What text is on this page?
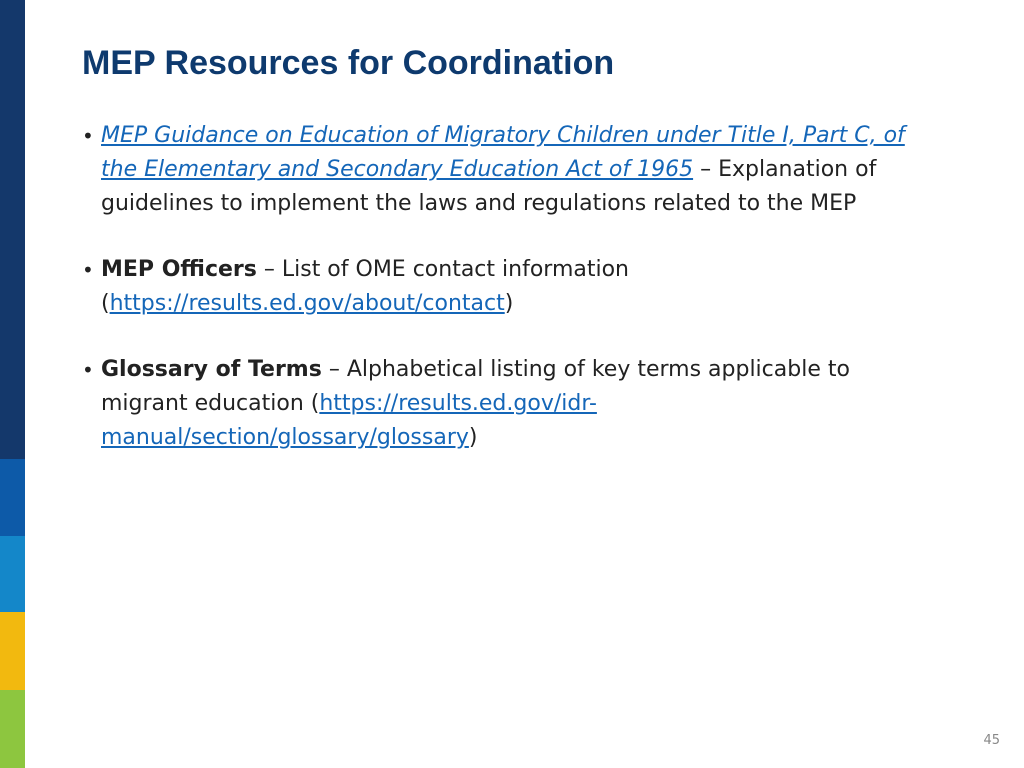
MEP Resources for Coordination
• MEP Guidance on Education of Migratory Children under Title I, Part C, of the Elementary and Secondary Education Act of 1965 – Explanation of guidelines to implement the laws and regulations related to the MEP
• MEP Officers – List of OME contact information (https://results.ed.gov/about/contact)
• Glossary of Terms – Alphabetical listing of key terms applicable to migrant education (https://results.ed.gov/idr-manual/section/glossary/glossary)
45
